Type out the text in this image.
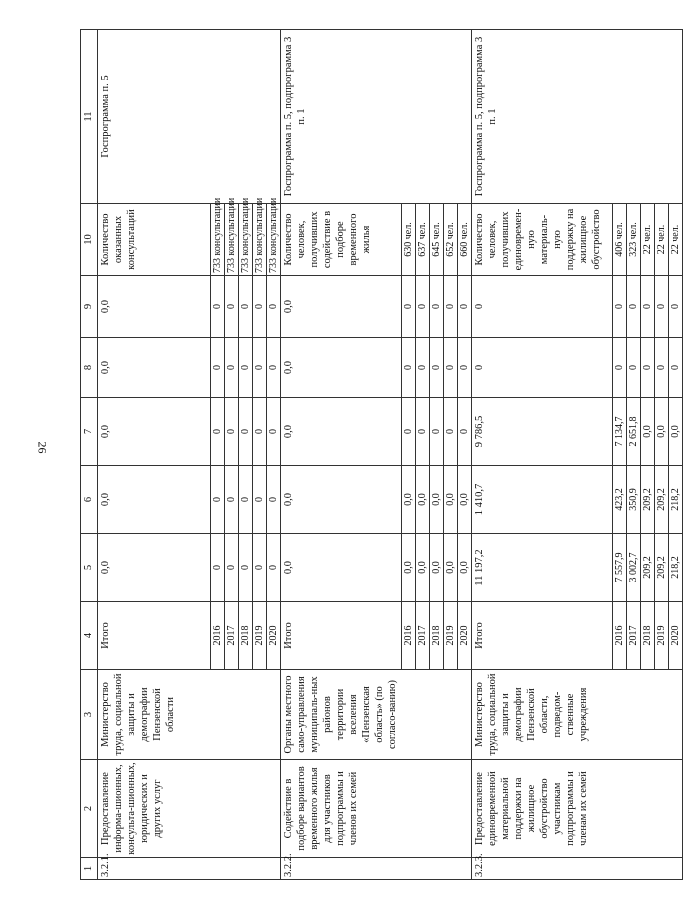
26
1	2	3	4	5	6	7	8	9	10	11
3.2.1.	Предоставление информа-шионных, консульта-шионных, юридических и других услуг	Министерство труда, социальной защиты и демографии Пензенской области	Итого	0,0	0,0	0,0	0,0	0,0	Количество оказанных консультаций	Госпрограмма п. 5
			2016	0	0	0	0	0	733 консультации	
			2017	0	0	0	0	0	733 консультации	
			2018	0	0	0	0	0	733 консультации	
			2019	0	0	0	0	0	733 консультации	
			2020	0	0	0	0	0	733 консультации	
3.2.2.	Содействие в подборе вариантов временного жилья для участников подпрограммы и членов их семей	Органы местного само-управления муниципаль-ных районов территории вселения «Пензенская область» (по согласо-ванию)	Итого	0,0	0,0	0,0	0,0	0,0	Количество человек, получивших содействие в подборе временного жилья	Госпрограмма п. 5, подпрограмма 3 п. 1
			2016	0,0	0,0	0	0	0	630 чел.	
			2017	0,0	0,0	0	0	0	637 чел.	
			2018	0,0	0,0	0	0	0	645 чел.	
			2019	0,0	0,0	0	0	0	652 чел.	
			2020	0,0	0,0	0	0	0	660 чел.	
3.2.3.	Предоставление единовременной материальной поддержки на жилищное обустройство участникам подпрограммы и членам их семей	Министерство труда, социальной защиты и демографии Пензенской области, подведом-ственные учреждения	Итого	11 197,2	1 410,7	9 786,5	0	0	Количество человек, получивших единовремен-ную материаль-ную поддержку на жилищное обустройство	Госпрограмма п. 5, подпрограмма 3 п. 1
			2016	7 557,9	423,2	7 134,7	0	0	406 чел.	
			2017	3 002,7	350,9	2 651,8	0	0	323 чел.	
			2018	209,2	209,2	0,0	0	0	22 чел.	
			2019	209,2	209,2	0,0	0	0	22 чел.	
			2020	218,2	218,2	0,0	0	0	22 чел.	
